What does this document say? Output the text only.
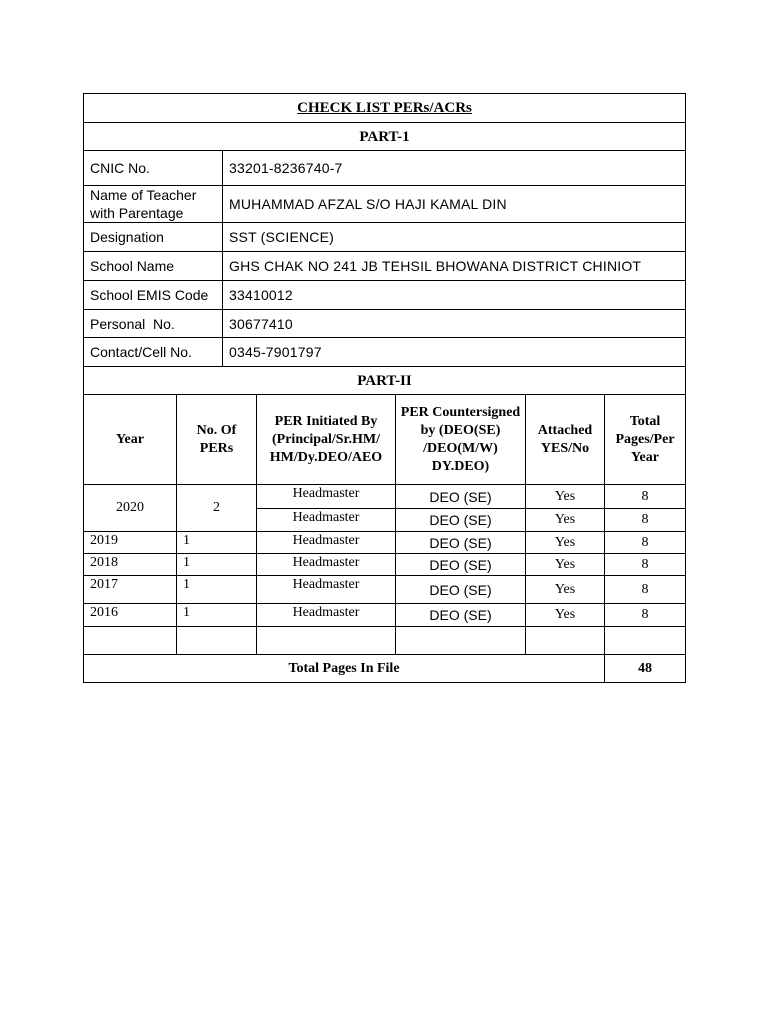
CHECK LIST PERs/ACRs	
PART-1	
CNIC No.	33201-8236740-7
Name of Teacher with Parentage	MUHAMMAD AFZAL S/O HAJI KAMAL DIN
Designation	SST (SCIENCE)
School Name	GHS CHAK NO 241 JB TEHSIL BHOWANA DISTRICT CHINIOT
School EMIS Code	33410012
Personal  No.	30677410
Contact/Cell No.	0345-7901797
PART-II					
Year	No. Of PERs	PER Initiated By (Principal/Sr.HM/ HM/Dy.DEO/AEO	PER Countersigned by (DEO(SE) /DEO(M/W) DY.DEO)	Attached YES/No	Total Pages/Per Year
2020	2	Headmaster	DEO (SE)	Yes	8
		Headmaster	DEO (SE)	Yes	8
2019	1	Headmaster	DEO (SE)	Yes	8
2018	1	Headmaster	DEO (SE)	Yes	8
2017	1	Headmaster	DEO (SE)	Yes	8
2016	1	Headmaster	DEO (SE)	Yes	8

Total Pages In File					48
